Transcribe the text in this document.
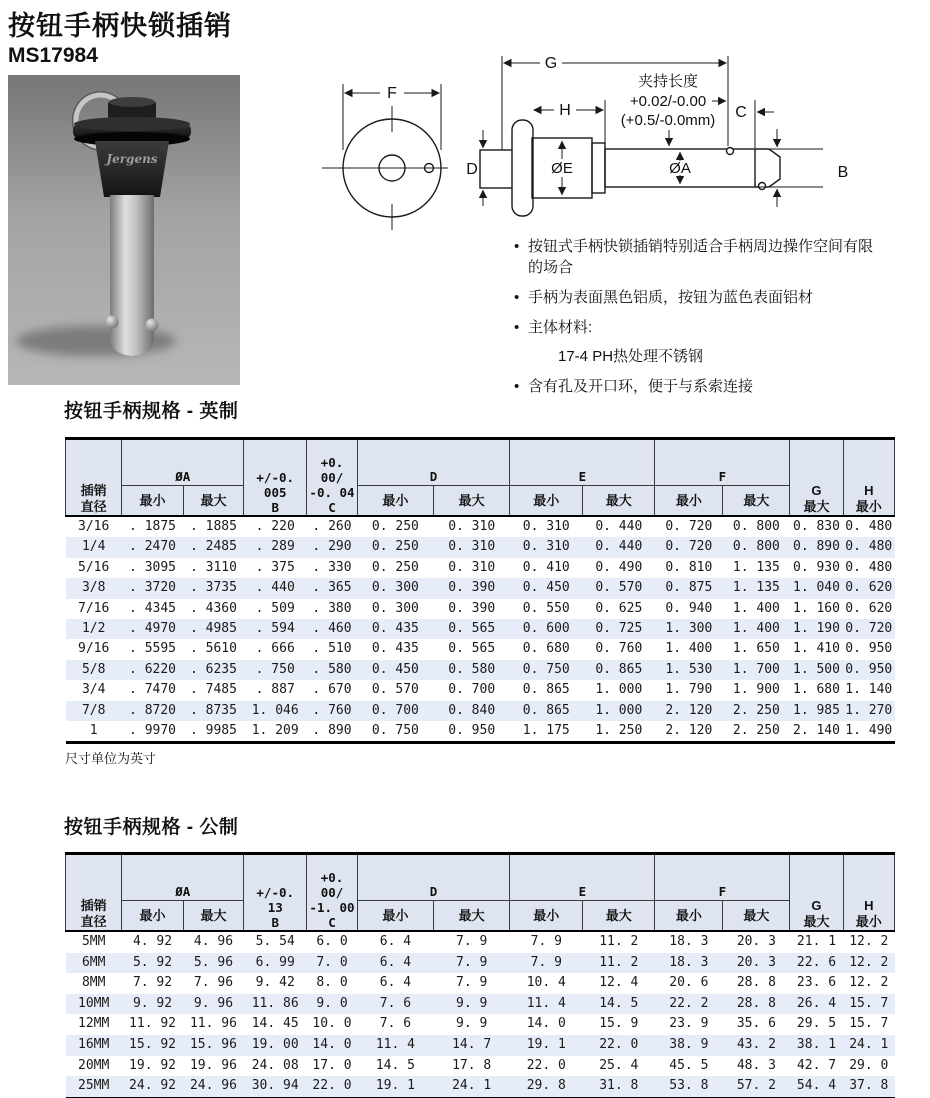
按钮手柄快锁插销
MS17984
Jergens
F
G
H
夹持长度
+0.02/-0.00
(+0.5/-0.0mm) C
B
D	ØE	ØA
• 按钮式手柄快锁插销特别适合手柄周边操作空间有限
的场合
• 手柄为表面黑色铝质，按钮为蓝色表面铝材
• 主体材料:
17-4 PH热处理不锈钢
• 含有孔及开口环，便于与系索连接
按钮手柄规格 - 英制
插销
直径	ØA		+/-0. 005
B	+0. 00/
-0. 04
C	D		E		F		G
最大	H
最小
	最小	最大			最小	最大	最小	最大	最小	最大		
3/16	. 1875	. 1885	. 220	. 260	0. 250	0. 310	0. 310	0. 440	0. 720	0. 800	0. 830	0. 480
1/4	. 2470	. 2485	. 289	. 290	0. 250	0. 310	0. 310	0. 440	0. 720	0. 800	0. 890	0. 480
5/16	. 3095	. 3110	. 375	. 330	0. 250	0. 310	0. 410	0. 490	0. 810	1. 135	0. 930	0. 480
3/8	. 3720	. 3735	. 440	. 365	0. 300	0. 390	0. 450	0. 570	0. 875	1. 135	1. 040	0. 620
7/16	. 4345	. 4360	. 509	. 380	0. 300	0. 390	0. 550	0. 625	0. 940	1. 400	1. 160	0. 620
1/2	. 4970	. 4985	. 594	. 460	0. 435	0. 565	0. 600	0. 725	1. 300	1. 400	1. 190	0. 720
9/16	. 5595	. 5610	. 666	. 510	0. 435	0. 565	0. 680	0. 760	1. 400	1. 650	1. 410	0. 950
5/8	. 6220	. 6235	. 750	. 580	0. 450	0. 580	0. 750	0. 865	1. 530	1. 700	1. 500	0. 950
3/4	. 7470	. 7485	. 887	. 670	0. 570	0. 700	0. 865	1. 000	1. 790	1. 900	1. 680	1. 140
7/8	. 8720	. 8735	1. 046	. 760	0. 700	0. 840	0. 865	1. 000	2. 120	2. 250	1. 985	1. 270
1	. 9970	. 9985	1. 209	. 890	0. 750	0. 950	1. 175	1. 250	2. 120	2. 250	2. 140	1. 490
尺寸单位为英寸
按钮手柄规格 - 公制
插销
直径	ØA		+/-0. 13
B	+0. 00/
-1. 00
C	D		E		F		G
最大	H
最小
	最小	最大			最小	最大	最小	最大	最小	最大		
5MM	4. 92	4. 96	5. 54	6. 0	6. 4	7. 9	7. 9	11. 2	18. 3	20. 3	21. 1	12. 2
6MM	5. 92	5. 96	6. 99	7. 0	6. 4	7. 9	7. 9	11. 2	18. 3	20. 3	22. 6	12. 2
8MM	7. 92	7. 96	9. 42	8. 0	6. 4	7. 9	10. 4	12. 4	20. 6	28. 8	23. 6	12. 2
10MM	9. 92	9. 96	11. 86	9. 0	7. 6	9. 9	11. 4	14. 5	22. 2	28. 8	26. 4	15. 7
12MM	11. 92	11. 96	14. 45	10. 0	7. 6	9. 9	14. 0	15. 9	23. 9	35. 6	29. 5	15. 7
16MM	15. 92	15. 96	19. 00	14. 0	11. 4	14. 7	19. 1	22. 0	38. 9	43. 2	38. 1	24. 1
20MM	19. 92	19. 96	24. 08	17. 0	14. 5	17. 8	22. 0	25. 4	45. 5	48. 3	42. 7	29. 0
25MM	24. 92	24. 96	30. 94	22. 0	19. 1	24. 1	29. 8	31. 8	53. 8	57. 2	54. 4	37. 8
